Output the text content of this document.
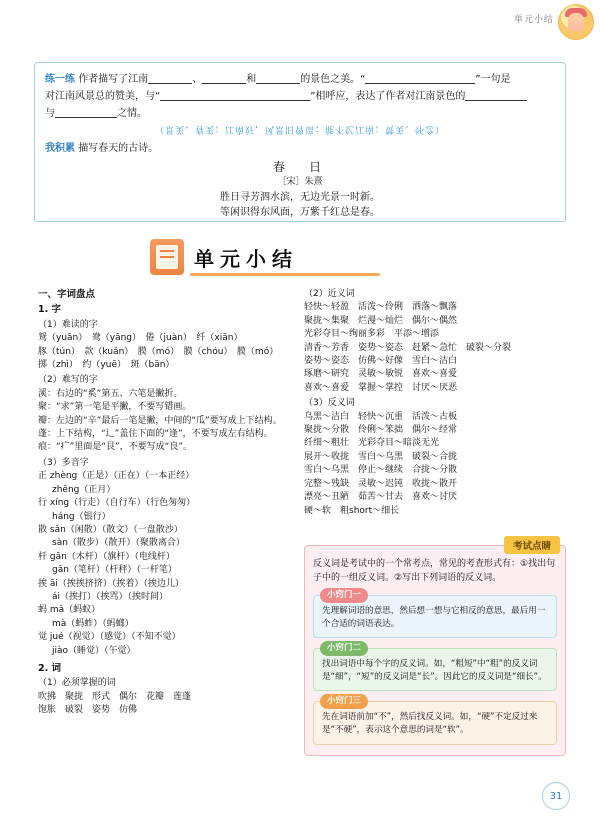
单元小结
练一练 作者描写了江南	、	和	的景色之美。“	”一句是
对江南风景总的赞美，与“	”相呼应，表达了作者对江南景色的
与	之情。
（景美、春美；江南好，风景旧曾谙；能不忆江南；赞美、怀念）
我积累 描写春天的古诗。
春　日
［宋］朱熹
胜日寻芳泗水滨，无边光景一时新。
等闲识得东风面，万紫千红总是春。
单元小结
一、字词盘点
1. 字
（1）难读的字
鸳（yuān）　鸯（yāng）　倦（juàn）　纤（xiān）
豚（tún）　款（kuǎn）　膜（mó）　膜（chóu）　膜（mó）
掷（zhì）　约（yuē）　斑（bān）
（2）难写的字
溪：右边的“奚”第五、六笔是撇折。
聚：“求”第一笔是平撇，不要写错画。
瓣：左边的“辛”最后一笔是撇，中间的“瓜”要写成上下结构。
蓬：上下结构，“辶”盖住下面的“逢”，不要写成左右结构。
痕：“疒”里面是“艮”，不要写成“良”。
（3）多音字
正 zhèng（正是）（正在）（一本正经）
zhēng（正月）
行 xíng（行走）（自行车）（行色匆匆）
háng（银行）
散 sǎn（闲散）（散文）（一盘散沙）
sàn（散步）（散开）（聚散离合）
杆 gān（木杆）（旗杆）（电线杆）
gǎn（笔杆）（杆秤）（一杆笔）
挨 āi（挨挨挤挤）（挨着）（挨边儿）
ái（挨打）（挨骂）（挨时间）
蚂 mǎ（蚂蚁）
mà（蚂蚱）（蚂螂）
觉 jué（视觉）（感觉）（不知不觉）
jiào（睡觉）（午觉）
2. 词
（1）必须掌握的词
吹拂　聚拢　形式　偶尔　花瓣　莲蓬
饱胀　破裂　姿势　仿佛
（2）近义词
轻快～轻盈　活泼～伶俐　洒落～飘落
聚拢～集聚　烂漫～灿烂　偶尔～偶然
光彩夺目～绚丽多彩　平添～增添
清香～芳香　姿势～姿态　赶紧～急忙　破裂～分裂
姿势～姿态　仿佛～好像　雪白～洁白
琢磨～研究　灵敏～敏锐　喜欢～喜爱
喜欢～喜爱　掌握～掌控　讨厌～厌恶
（3）反义词
乌黑～洁白　轻快～沉重　活泼～古板
聚拢～分散　伶俐～笨拙　偶尔～经常
纤细～粗壮　光彩夺目～暗淡无光
展开～收拢　雪白～乌黑　破裂～合拢
雪白～乌黑　停止～继续　合拢～分散
完整～残缺　灵敏～迟钝　收拢～散开
漂亮～丑陋　茹苦～甘去　喜欢～讨厌
硬～软　粗short～细长
考试点睛
反义词是考试中的一个常考点，常见的考查形式有：①找出句子中的一组反义词。②写出下列词语的反义词。
小窍门一
先理解词语的意思，然后想一想与它相反的意思，最后用一个合适的词语表达。
小窍门二
找出词语中每个字的反义词。如，“粗短”中“粗”的反义词是“细”，“短”的反义词是“长”。因此它的反义词是“细长”。
小窍门三
先在词语前加“不”，然后找反义词。如，“硬”不定反过来是“不硬”，表示这个意思的词是“软”。
31
